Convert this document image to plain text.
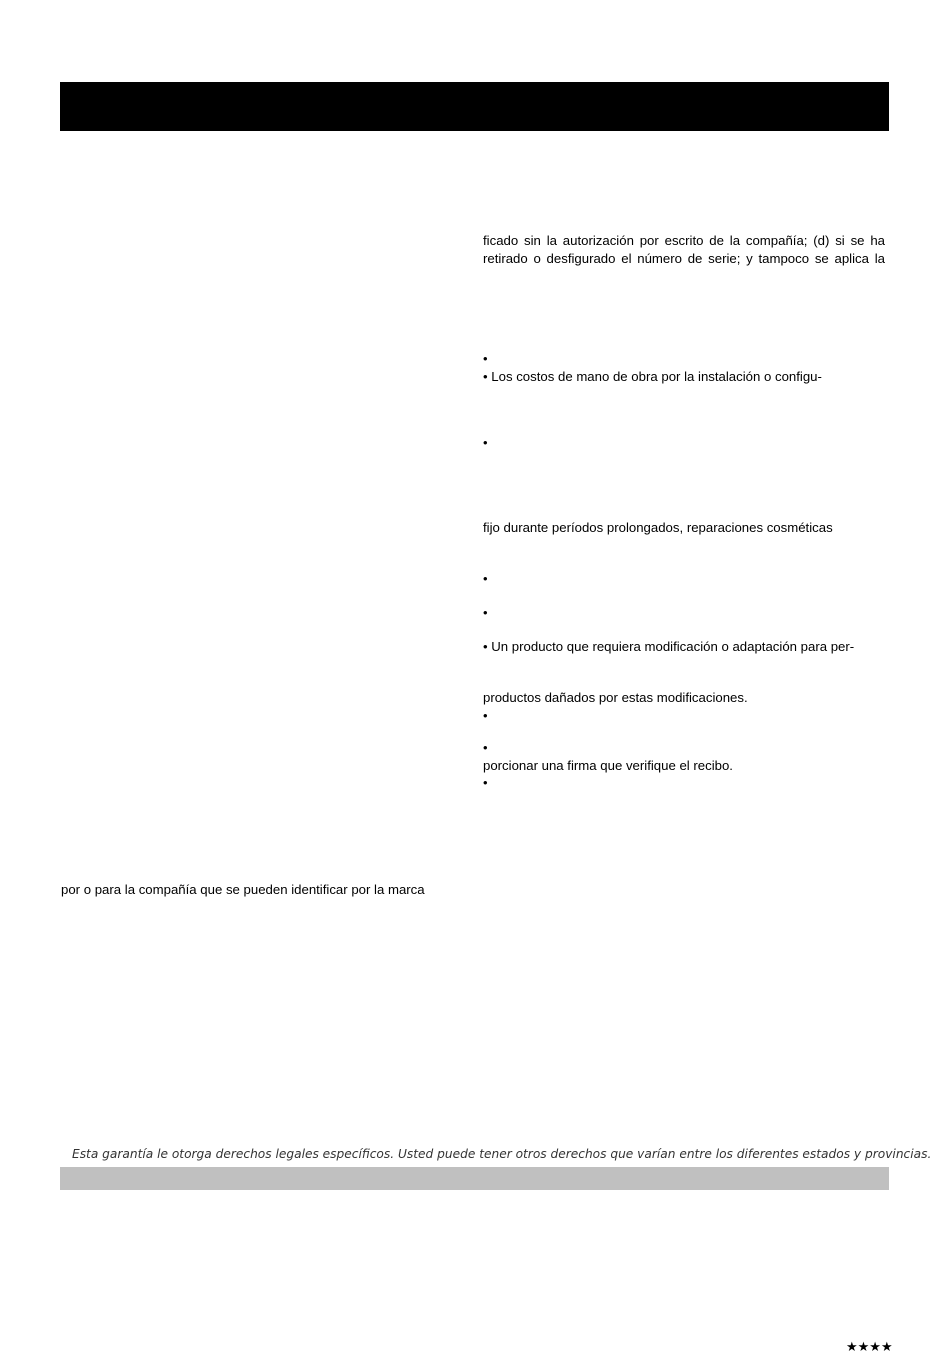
ficado sin la autorización por escrito de la compañía; (d) si se ha
retirado o desfigurado el número de serie; y tampoco se aplica la
•
• Los costos de mano de obra por la instalación o configu-
•
fijo durante períodos prolongados, reparaciones cosméticas
•
•
• Un producto que requiera modificación o adaptación para per-
productos dañados por estas modificaciones.
•
•
porcionar una firma que verifique el recibo.
•
por o para la compañía que se pueden identificar por la marca
Esta garantía le otorga derechos legales específicos. Usted puede tener otros derechos que varían entre los diferentes estados y provincias.
★★★★
